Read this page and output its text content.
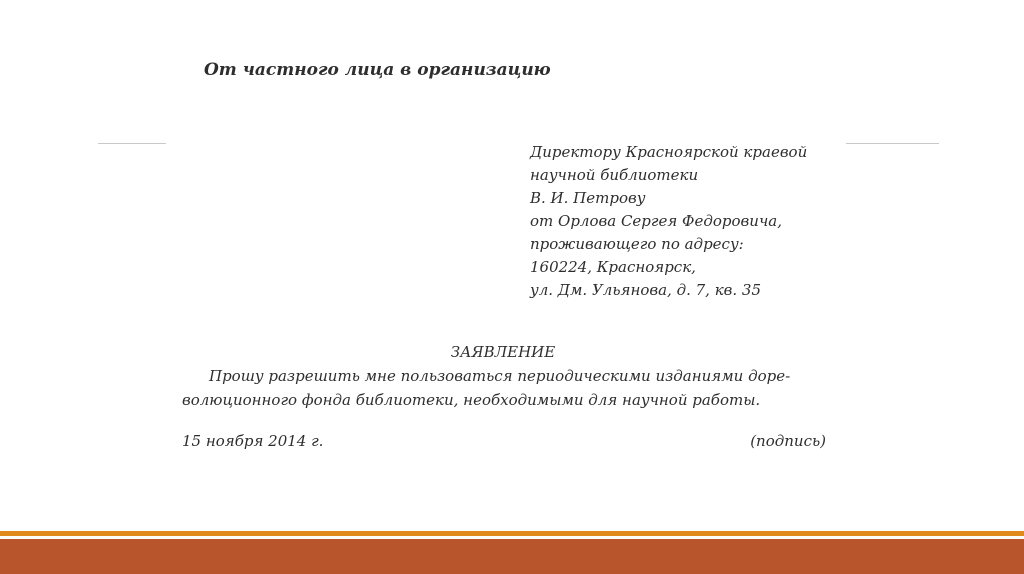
От частного лица в организацию
Директору Красноярской краевой
научной библиотеки
В. И. Петрову
от Орлова Сергея Федоровича,
проживающего по адресу:
160224, Красноярск,
ул. Дм. Ульянова, д. 7, кв. 35
ЗАЯВЛЕНИЕ
Прошу разрешить мне пользоваться периодическими изданиями доре-
волюционного фонда библиотеки, необходимыми для научной работы.
15 ноября 2014 г.	(подпись)
